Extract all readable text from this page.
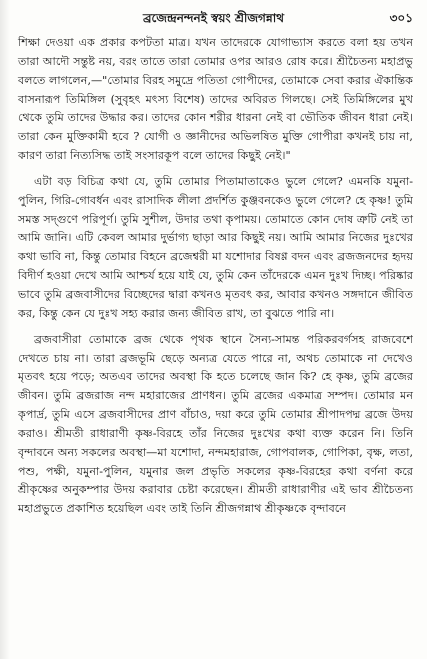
ব্রজেন্দ্রনন্দনই স্বয়ং শ্রীজগন্নাথ	৩০১

শিক্ষা দেওয়া এক প্রকার কপটতা মাত্র। যখন তাদেরকে যোগাভ্যাস করতে বলা হয় তখন তারা আদৌ সন্তুষ্ট নয়, বরং তাতে তারা তোমার ওপর আরও রোষ করে। শ্রীচৈতন্য মহাপ্রভু বলতে লাগলেন,—"তোমার বিরহ সমুদ্রে পতিতা গোপীদের, তোমাকে সেবা করার ঐকান্তিক বাসনারূপ তিমিঙ্গিল (সুবৃহৎ মৎস্য বিশেষ) তাদের অবিরত গিলছে। সেই তিমিঙ্গিলের মুখ থেকে তুমি তাদের উদ্ধার কর। তাদের কোন শরীর ধারনা নেই বা ভৌতিক জীবন ধারা নেই। তারা কেন মুক্তিকামী হবে ? যোগী ও জ্ঞানীদের অভিলষিত মুক্তি গোপীরা কখনই চায় না, কারণ তারা নিত্যসিদ্ধ তাই সংসারকূপ বলে তাদের কিছুই নেই।"

এটা বড় বিচিত্র কথা যে, তুমি তোমার পিতামাতাকেও ভুলে গেলে? এমনকি যমুনা-পুলিন, গিরি-গোবর্ধন এবং রাসাদিক লীলা প্রদর্শিত কুঞ্জবনকেও ভুলে গেলে? হে কৃষ্ণ! তুমি সমস্ত সদ্গুণে পরিপূর্ণ। তুমি সুশীল, উদার তথা কৃপাময়। তোমাতে কোন দোষ ত্রুটি নেই তা আমি জানি। এটি কেবল আমার দুর্ভাগ্য ছাড়া আর কিছুই নয়। আমি আমার নিজের দুঃখের কথা ভাবি না, কিন্তু তোমার বিহনে ব্রজেশ্বরী মা যশোদার বিষণ্ণ বদন এবং ব্রজজনদের হৃদয় বিদীর্ণ হওয়া দেখে আমি আশ্চর্য হয়ে যাই যে, তুমি কেন তাঁদেরকে এমন দুঃখ দিচ্ছ। পরিষ্কার ভাবে তুমি ব্রজবাসীদের বিচ্ছেদের দ্বারা কখনও মৃতবৎ কর, আবার কখনও সঙ্গদানে জীবিত কর, কিন্তু কেন যে দুঃখ সহ্য করার জন্য জীবিত রাখ, তা বুঝতে পারি না।

ব্রজবাসীরা তোমাকে ব্রজ থেকে পৃথক স্থানে সৈন্য-সামন্ত পরিকরবর্গসহ রাজবেশে দেখতে চায় না। তারা ব্রজভূমি ছেড়ে অন্যত্র যেতে পারে না, অথচ তোমাকে না দেখেও মৃতবৎ হয়ে পড়ে; অতএব তাদের অবস্থা কি হতে চলেছে জান কি? হে কৃষ্ণ, তুমি ব্রজের জীবন। তুমি ব্রজরাজ নন্দ মহারাজের প্রাণধন। তুমি ব্রজের একমাত্র সম্পদ। তোমার মন কৃপার্দ্র, তুমি এসে ব্রজবাসীদের প্রাণ বাঁচাও, দয়া করে তুমি তোমার শ্রীপাদপদ্ম ব্রজে উদয় করাও। শ্রীমতী রাধারাণী কৃষ্ণ-বিরহে তাঁর নিজের দুঃখের কথা ব্যক্ত করেন নি। তিনি বৃন্দাবনে অন্য সকলের অবস্থা—মা যশোদা, নন্দমহারাজ, গোপবালক, গোপিকা, বৃক্ষ, লতা, পশু, পক্ষী, যমুনা-পুলিন, যমুনার জল প্রভৃতি সকলের কৃষ্ণ-বিরহের কথা বর্ণনা করে শ্রীকৃষ্ণের অনুকম্পার উদয় করাবার চেষ্টা করেছেন। শ্রীমতী রাধারাণীর এই ভাব শ্রীচৈতন্য মহাপ্রভুতে প্রকাশিত হয়েছিল এবং তাই তিনি শ্রীজগন্নাথ শ্রীকৃষ্ণকে বৃন্দাবনে
